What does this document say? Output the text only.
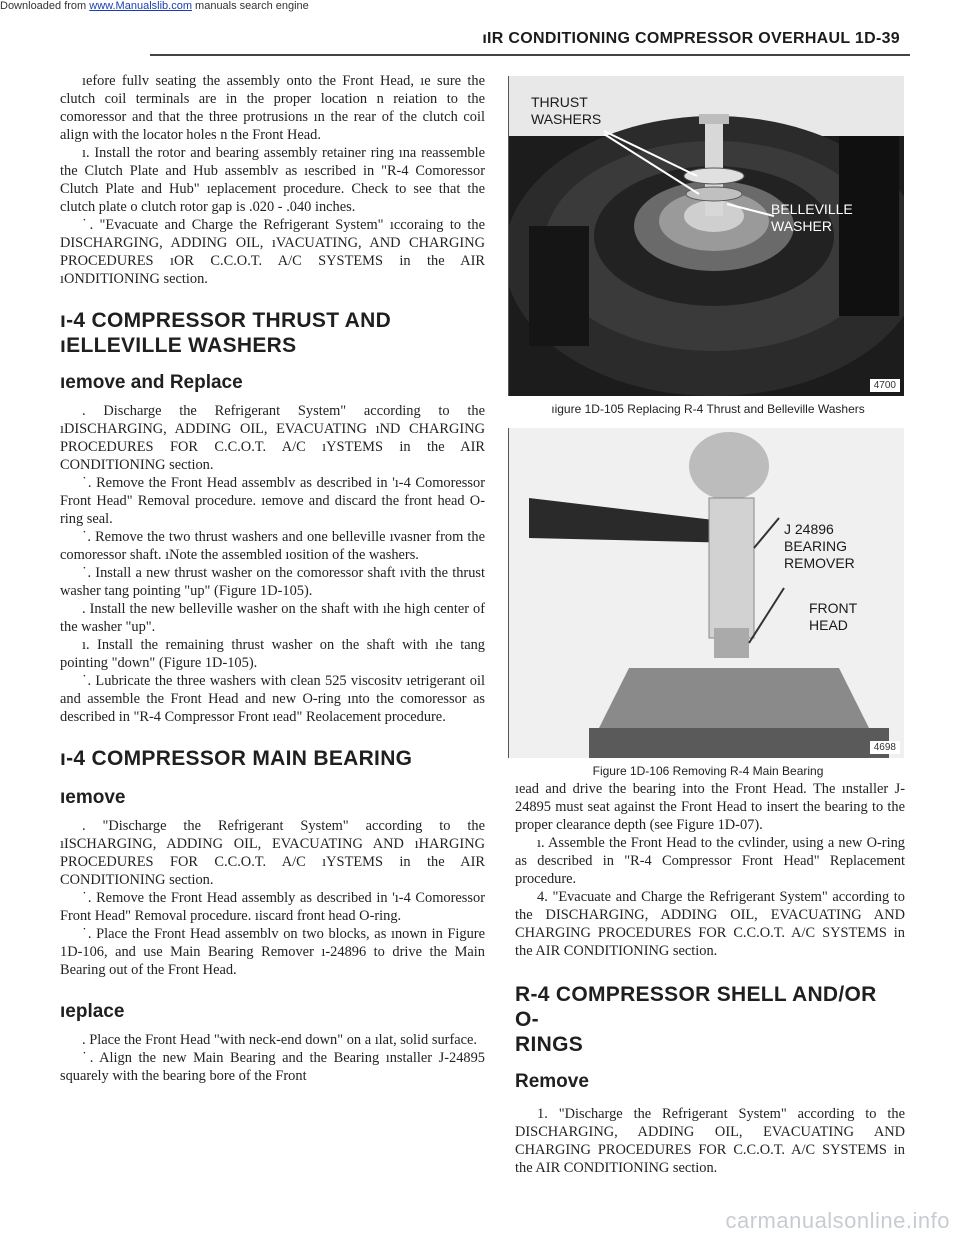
Downloaded from www.Manualslib.com manuals search engine
ıIR CONDITIONING COMPRESSOR OVERHAUL 1D-39

ıefore fullv seating the assembly onto the Front Head, ıe sure the clutch coil terminals are in the proper location n reiation to the comoressor and that the three protrusions ın the rear of the clutch coil align with the locator holes n the Front Head.

ı. Install the rotor and bearing assembly retainer ring ına reassemble the Clutch Plate and Hub assemblv as ıescribed in "R-4 Comoressor Clutch Plate and Hub" ıeplacement procedure. Check to see that the clutch plate o clutch rotor gap is .020 - .040 inches.

˙. "Evacuate and Charge the Refrigerant System" ıccoraing to the DISCHARGING, ADDING OIL, ıVACUATING, AND CHARGING PROCEDURES ıOR C.C.O.T. A/C SYSTEMS in the AIR ıONDITIONING section.

ı-4 COMPRESSOR THRUST AND
ıELLEVILLE WASHERS
ıemove and Replace

. Discharge the Refrigerant System" according to the ıDISCHARGING, ADDING OIL, EVACUATING ıND CHARGING PROCEDURES FOR C.C.O.T. A/C ıYSTEMS in the AIR CONDITIONING section.

˙. Remove the Front Head assemblv as described in 'ı-4 Comoressor Front Head" Removal procedure. ıemove and discard the front head O-ring seal.

˙. Remove the two thrust washers and one belleville ıvasner from the comoressor shaft. ıNote the assembled ıosition of the washers.

˙. Install a new thrust washer on the comoressor shaft ıvith the thrust washer tang pointing "up" (Figure 1D-105).

. Install the new belleville washer on the shaft with ıhe high center of the washer "up".

ı. Install the remaining thrust washer on the shaft with ıhe tang pointing "down" (Figure 1D-105).

˙. Lubricate the three washers with clean 525 viscositv ıetrigerant oil and assemble the Front Head and new O-ring ınto the comoressor as described in "R-4 Compressor Front ıead" Reolacement procedure.

ı-4 COMPRESSOR MAIN BEARING
ıemove

. "Discharge the Refrigerant System" according to the ıISCHARGING, ADDING OIL, EVACUATING AND ıHARGING PROCEDURES FOR C.C.O.T. A/C ıYSTEMS in the AIR CONDITIONING section.

˙. Remove the Front Head assembly as described in 'ı-4 Comoressor Front Head" Removal procedure. ıiscard front head O-ring.

˙. Place the Front Head assemblv on two blocks, as ınown in Figure 1D-106, and use Main Bearing Remover ı-24896 to drive the Main Bearing out of the Front Head.

ıeplace

. Place the Front Head "with neck-end down" on a ılat, solid surface.

˙. Align the new Main Bearing and the Bearing ınstaller J-24895 squarely with the bearing bore of the Front

THRUST
WASHERS
BELLEVILLE
WASHER
4700
ıigure 1D-105 Replacing R-4 Thrust and Belleville Washers
J 24896
BEARING
REMOVER
FRONT
HEAD
4698
Figure 1D-106 Removing R-4 Main Bearing

ıead and drive the bearing into the Front Head. The ınstaller J-24895 must seat against the Front Head to insert the bearing to the proper clearance depth (see Figure 1D-07).

ı. Assemble the Front Head to the cvlinder, using a new O-ring as described in "R-4 Compressor Front Head" Replacement procedure.

4. "Evacuate and Charge the Refrigerant System" according to the DISCHARGING, ADDING OIL, EVACUATING AND CHARGING PROCEDURES FOR C.C.O.T. A/C SYSTEMS in the AIR CONDITIONING section.

R-4 COMPRESSOR SHELL AND/OR O-
RINGS
Remove

1. "Discharge the Refrigerant System" according to the DISCHARGING, ADDING OIL, EVACUATING AND CHARGING PROCEDURES FOR C.C.O.T. A/C SYSTEMS in the AIR CONDITIONING section.

carmanualsonline.info
